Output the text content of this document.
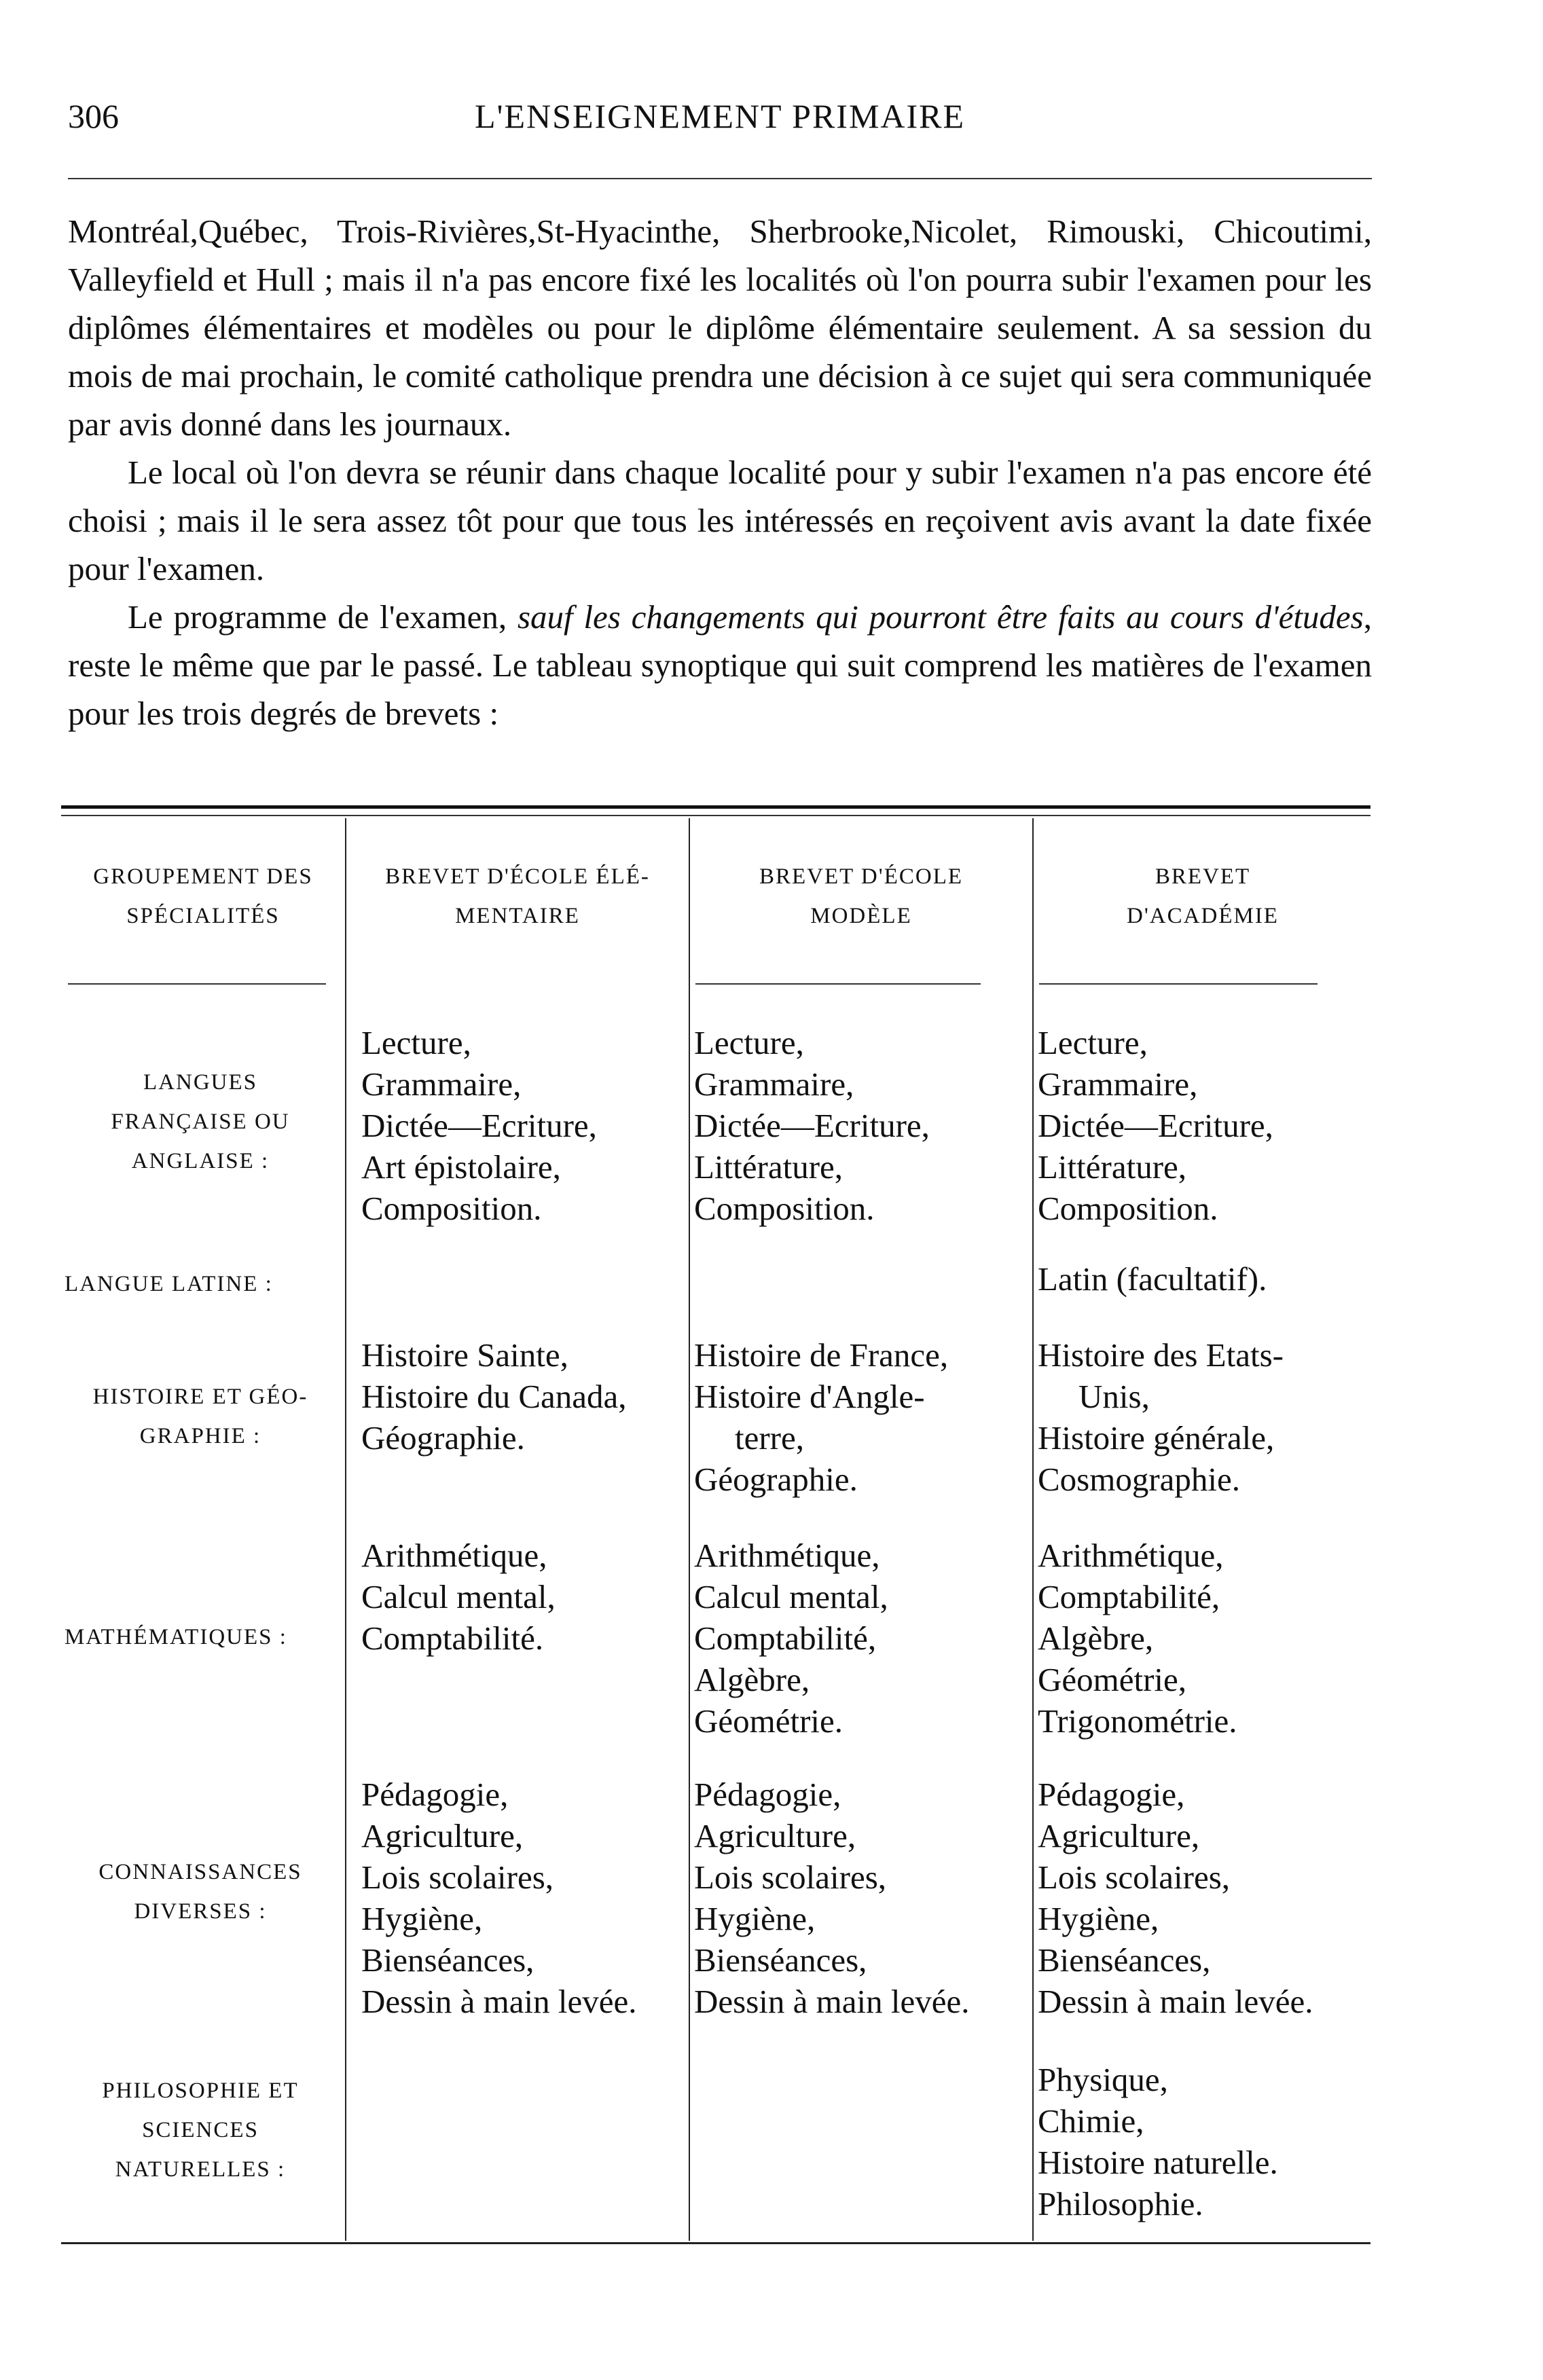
306	L'ENSEIGNEMENT PRIMAIRE

Montréal,Québec, Trois-Rivières,St-Hyacinthe, Sherbrooke,Nicolet, Rimouski, Chicoutimi, Valleyfield et Hull ; mais il n'a pas encore fixé les localités où l'on pourra subir l'examen pour les diplômes élémentaires et modèles ou pour le diplôme élémentaire seulement. A sa session du mois de mai prochain, le comité catholique prendra une décision à ce sujet qui sera communiquée par avis donné dans les journaux.

Le local où l'on devra se réunir dans chaque localité pour y subir l'examen n'a pas encore été choisi ; mais il le sera assez tôt pour que tous les intéressés en reçoivent avis avant la date fixée pour l'examen.

Le programme de l'examen, sauf les changements qui pourront être faits au cours d'études, reste le même que par le passé. Le tableau synoptique qui suit comprend les matières de l'examen pour les trois degrés de brevets :

GROUPEMENT DES
SPÉCIALITÉS
BREVET D'ÉCOLE ÉLÉ-
MENTAIRE
BREVET D'ÉCOLE
MODÈLE
BREVET
D'ACADÉMIE
LANGUES
FRANÇAISE OU
ANGLAISE :
Lecture,
Grammaire,
Dictée—Ecriture,
Art épistolaire,
Composition.
Lecture,
Grammaire,
Dictée—Ecriture,
Littérature,
Composition.
Lecture,
Grammaire,
Dictée—Ecriture,
Littérature,
Composition.
LANGUE LATINE :	Latin (facultatif).
HISTOIRE ET GÉO-
GRAPHIE :
Histoire Sainte,
Histoire du Canada,
Géographie.
Histoire de France,
Histoire d'Angle-
terre,
Géographie.
Histoire des Etats-
Unis,
Histoire générale,
Cosmographie.
MATHÉMATIQUES :
Arithmétique,
Calcul mental,
Comptabilité.
Arithmétique,
Calcul mental,
Comptabilité,
Algèbre,
Géométrie.
Arithmétique,
Comptabilité,
Algèbre,
Géométrie,
Trigonométrie.
CONNAISSANCES
DIVERSES :
Pédagogie,
Agriculture,
Lois scolaires,
Hygiène,
Bienséances,
Dessin à main levée.
Pédagogie,
Agriculture,
Lois scolaires,
Hygiène,
Bienséances,
Dessin à main levée.
Pédagogie,
Agriculture,
Lois scolaires,
Hygiène,
Bienséances,
Dessin à main levée.
PHILOSOPHIE ET
SCIENCES
NATURELLES :
Physique,
Chimie,
Histoire naturelle.
Philosophie.
